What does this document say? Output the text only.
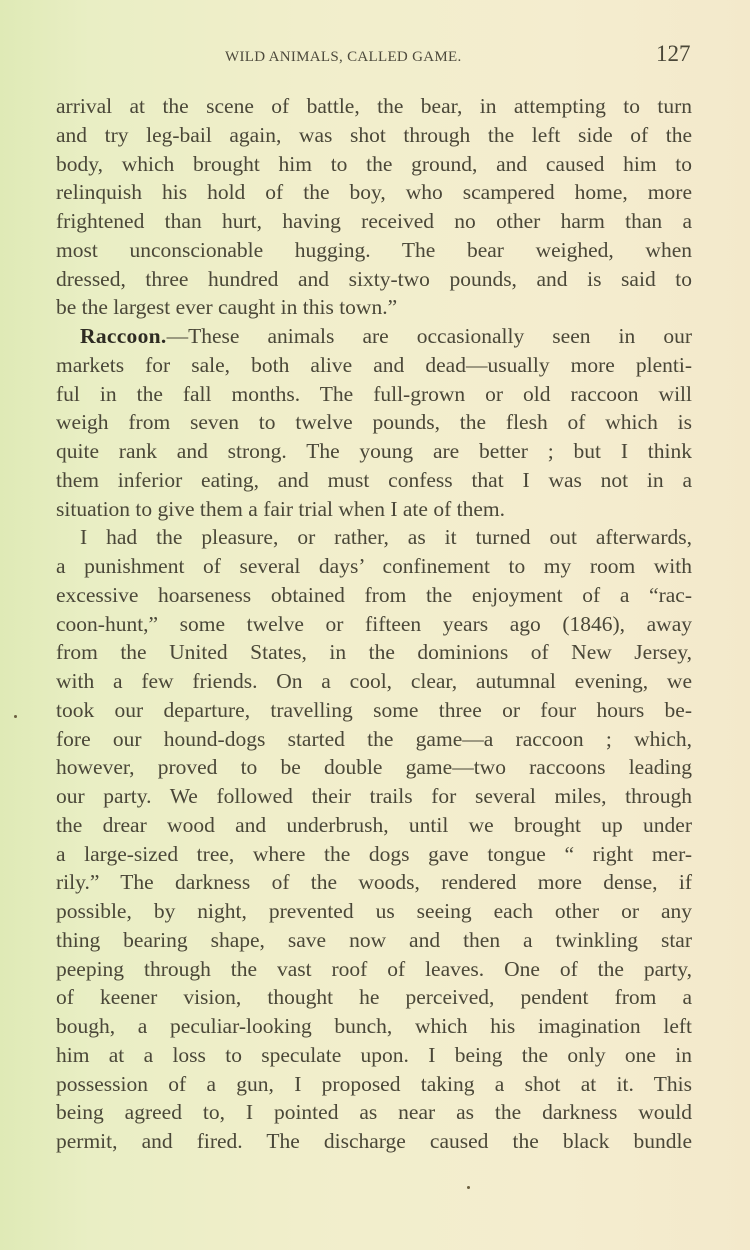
WILD ANIMALS, CALLED GAME.	127
arrival at the scene of battle, the bear, in attempting to turn
and try leg-bail again, was shot through the left side of the
body, which brought him to the ground, and caused him to
relinquish his hold of the boy, who scampered home, more
frightened than hurt, having received no other harm than a
most unconscionable hugging. The bear weighed, when
dressed, three hundred and sixty-two pounds, and is said to
be the largest ever caught in this town.”
Raccoon.—These animals are occasionally seen in our
markets for sale, both alive and dead—usually more plenti-
ful in the fall months. The full-grown or old raccoon will
weigh from seven to twelve pounds, the flesh of which is
quite rank and strong. The young are better ; but I think
them inferior eating, and must confess that I was not in a
situation to give them a fair trial when I ate of them.
I had the pleasure, or rather, as it turned out afterwards,
a punishment of several days’ confinement to my room with
excessive hoarseness obtained from the enjoyment of a “rac-
coon-hunt,” some twelve or fifteen years ago (1846), away
from the United States, in the dominions of New Jersey,
with a few friends. On a cool, clear, autumnal evening, we
took our departure, travelling some three or four hours be-
fore our hound-dogs started the game—a raccoon ; which,
however, proved to be double game—two raccoons leading
our party. We followed their trails for several miles, through
the drear wood and underbrush, until we brought up under
a large-sized tree, where the dogs gave tongue “ right mer-
rily.” The darkness of the woods, rendered more dense, if
possible, by night, prevented us seeing each other or any
thing bearing shape, save now and then a twinkling star
peeping through the vast roof of leaves. One of the party,
of keener vision, thought he perceived, pendent from a
bough, a peculiar-looking bunch, which his imagination left
him at a loss to speculate upon. I being the only one in
possession of a gun, I proposed taking a shot at it. This
being agreed to, I pointed as near as the darkness would
permit, and fired. The discharge caused the black bundle
